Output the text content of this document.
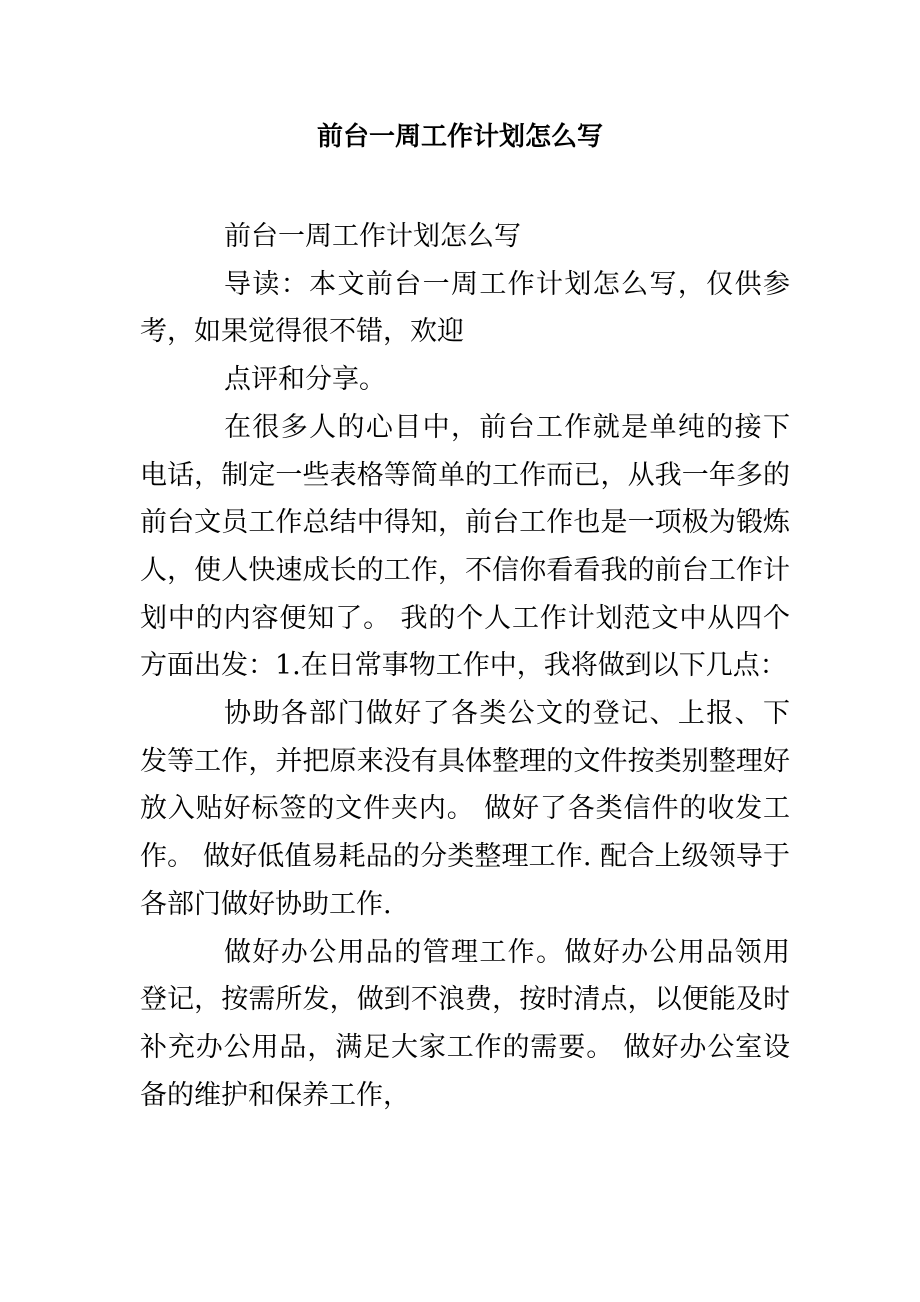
前台一周工作计划怎么写

前台一周工作计划怎么写

导读：本文前台一周工作计划怎么写，仅供参考，如果觉得很不错，欢迎

点评和分享。

在很多人的心目中，前台工作就是单纯的接下电话，制定一些表格等简单的工作而已，从我一年多的前台文员工作总结中得知，前台工作也是一项极为锻炼人，使人快速成长的工作，不信你看看我的前台工作计划中的内容便知了。 我的个人工作计划范文中从四个方面出发：1.在日常事物工作中，我将做到以下几点：

协助各部门做好了各类公文的登记、上报、下发等工作，并把原来没有具体整理的文件按类别整理好放入贴好标签的文件夹内。 做好了各类信件的收发工作。 做好低值易耗品的分类整理工作. 配合上级领导于各部门做好协助工作.

做好办公用品的管理工作。做好办公用品领用登记，按需所发，做到不浪费，按时清点，以便能及时补充办公用品，满足大家工作的需要。 做好办公室设备的维护和保养工作，
